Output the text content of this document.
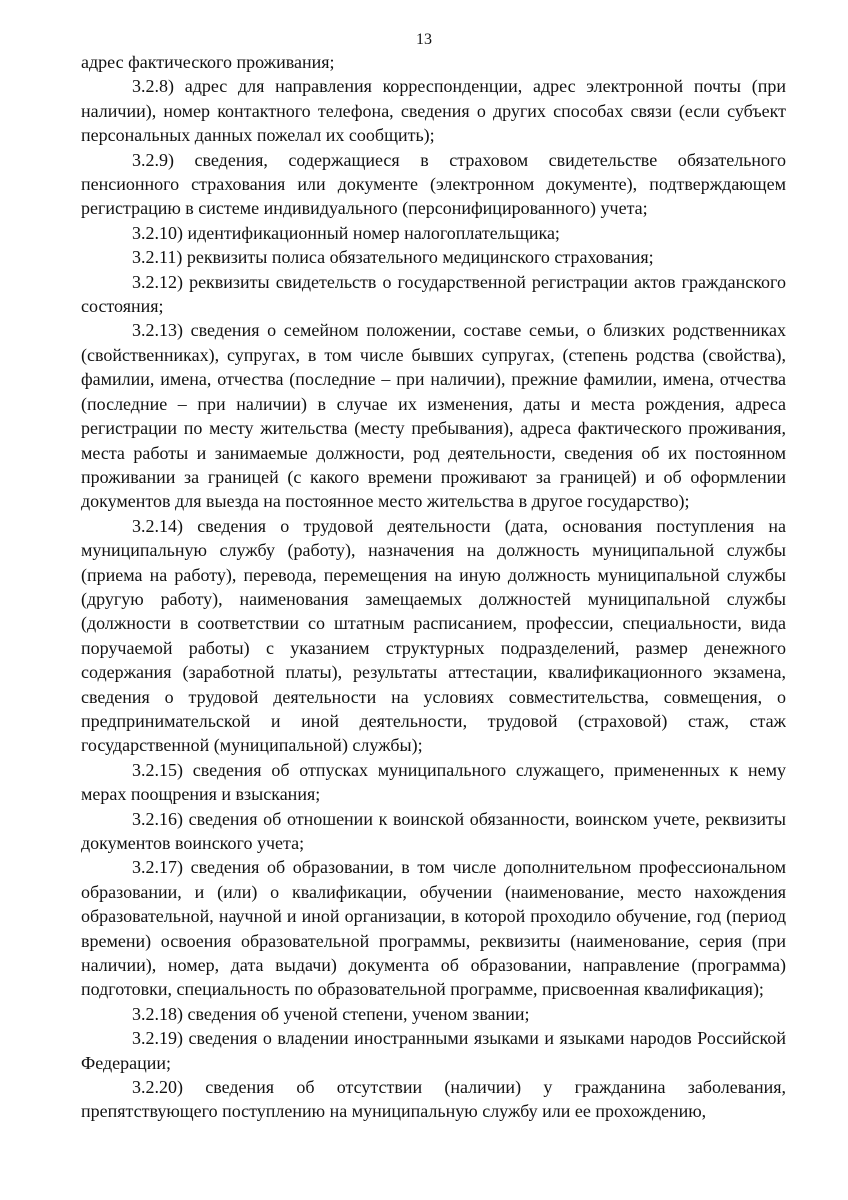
13

адрес фактического проживания;

3.2.8) адрес для направления корреспонденции, адрес электронной почты (при наличии), номер контактного телефона, сведения о других способах связи (если субъект персональных данных пожелал их сообщить);

3.2.9) сведения, содержащиеся в страховом свидетельстве обязательного пенсионного страхования или документе (электронном документе), подтверждающем регистрацию в системе индивидуального (персонифицированного) учета;

3.2.10) идентификационный номер налогоплательщика;

3.2.11) реквизиты полиса обязательного медицинского страхования;

3.2.12) реквизиты свидетельств о государственной регистрации актов гражданского состояния;

3.2.13) сведения о семейном положении, составе семьи, о близких родственниках (свойственниках), супругах, в том числе бывших супругах, (степень родства (свойства), фамилии, имена, отчества (последние – при наличии), прежние фамилии, имена, отчества (последние – при наличии) в случае их изменения, даты и места рождения, адреса регистрации по месту жительства (месту пребывания), адреса фактического проживания, места работы и занимаемые должности, род деятельности, сведения об их постоянном проживании за границей (с какого времени проживают за границей) и об оформлении документов для выезда на постоянное место жительства в другое государство);

3.2.14) сведения о трудовой деятельности (дата, основания поступления на муниципальную службу (работу), назначения на должность муниципальной службы (приема на работу), перевода, перемещения на иную должность муниципальной службы (другую работу), наименования замещаемых должностей муниципальной службы (должности в соответствии со штатным расписанием, профессии, специальности, вида поручаемой работы) с указанием структурных подразделений, размер денежного содержания (заработной платы), результаты аттестации, квалификационного экзамена, сведения о трудовой деятельности на условиях совместительства, совмещения, о предпринимательской и иной деятельности, трудовой (страховой) стаж, стаж государственной (муниципальной) службы);

3.2.15) сведения об отпусках муниципального служащего, примененных к нему мерах поощрения и взыскания;

3.2.16) сведения об отношении к воинской обязанности, воинском учете, реквизиты документов воинского учета;

3.2.17) сведения об образовании, в том числе дополнительном профессиональном образовании, и (или) о квалификации, обучении (наименование, место нахождения образовательной, научной и иной организации, в которой проходило обучение, год (период времени) освоения образовательной программы, реквизиты (наименование, серия (при наличии), номер, дата выдачи) документа об образовании, направление (программа) подготовки, специальность по образовательной программе, присвоенная квалификация);

3.2.18) сведения об ученой степени, ученом звании;

3.2.19) сведения о владении иностранными языками и языками народов Российской Федерации;

3.2.20) сведения об отсутствии (наличии) у гражданина заболевания, препятствующего поступлению на муниципальную службу или ее прохождению,
